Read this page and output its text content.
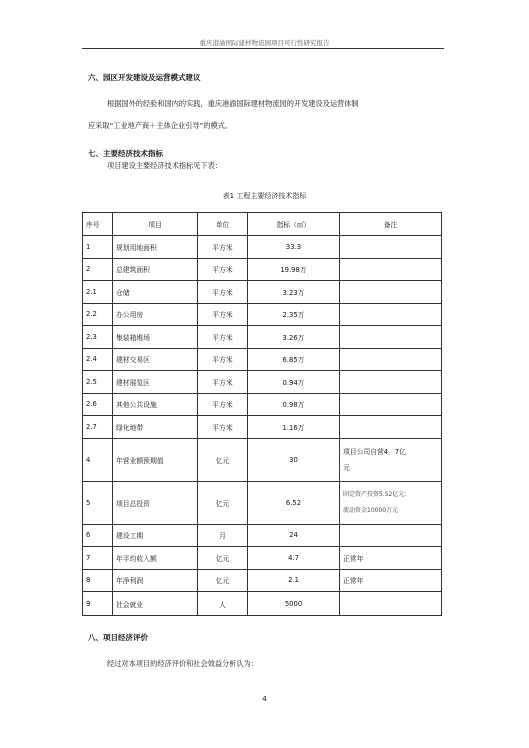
重庆港渝国际建材物流园项目可行性研究报告
六、园区开发建设及运营模式建议
根据国外的经验和国内的实践，重庆港渝国际建材物流园的开发建设及运营体制
应采取“工业地产商＋主体企业引导”的模式。
七、主要经济技术指标
项目建设主要经济技术指标见下表：
表1 工程主要经济技术指标
序号	项目	单位	指标（㎡）	备注
1	规划用地面积	平方米	33.3	
2	总建筑面积	平方米	19.98万	
2.1	仓储	平方米	3.23万	
2.2	办公用房	平方米	2.35万	
2.3	集装箱堆场	平方米	3.26万	
2.4	建材交易区	平方米	6.85万	
2.5	建材展览区	平方米	0.94万	
2.6	其他公共设施	平方米	0.98万	
2.7	绿化地带	平方米	1.16万	
4	年营业额预期值	亿元	30	项目公司自营4．7亿
元

5	项目总投资	亿元	6.52	固定资产投资5.52亿元；
流动资金10000万元

6	建设工期	月	24	
7	年平均收入额	亿元	4.7	正常年
8	年净利润	亿元	2.1	正常年
9	社会就业	人	5000	
八、项目经济评价
经过对本项目的经济评价和社会效益分析认为：
4
